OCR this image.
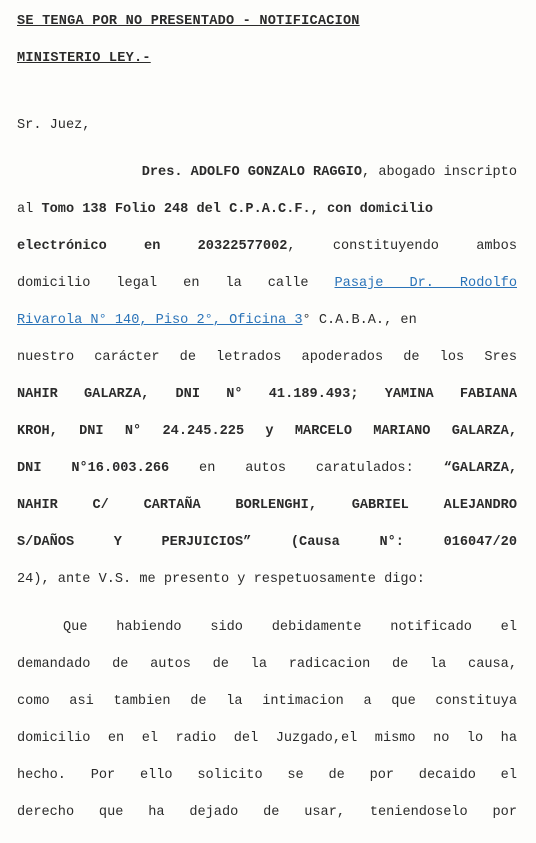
SE TENGA POR NO PRESENTADO - NOTIFICACION
MINISTERIO LEY.-
Sr. Juez,
Dres. ADOLFO GONZALO RAGGIO, abogado inscripto
al Tomo 138 Folio 248 del C.P.A.C.F., con domicilio
electrónico en 20322577002, constituyendo ambos
domicilio legal en la calle Pasaje Dr. Rodolfo
Rivarola N° 140, Piso 2°, Oficina 3° C.A.B.A., en
nuestro carácter de letrados apoderados de los Sres
NAHIR GALARZA, DNI N° 41.189.493; YAMINA FABIANA
KROH, DNI N° 24.245.225 y MARCELO MARIANO GALARZA,
DNI N°16.003.266 en autos caratulados: “GALARZA,
NAHIR C/ CARTAÑA BORLENGHI, GABRIEL ALEJANDRO
S/DAÑOS Y PERJUICIOS” (Causa N°: 016047/20
24), ante V.S. me presento y respetuosamente digo:
Que habiendo sido debidamente notificado el
demandado de autos de la radicacion de la causa,
como asi tambien de la intimacion a que constituya
domicilio en el radio del Juzgado,el mismo no lo ha
hecho. Por ello solicito se de por decaido el
derecho que ha dejado de usar, teniendoselo por
